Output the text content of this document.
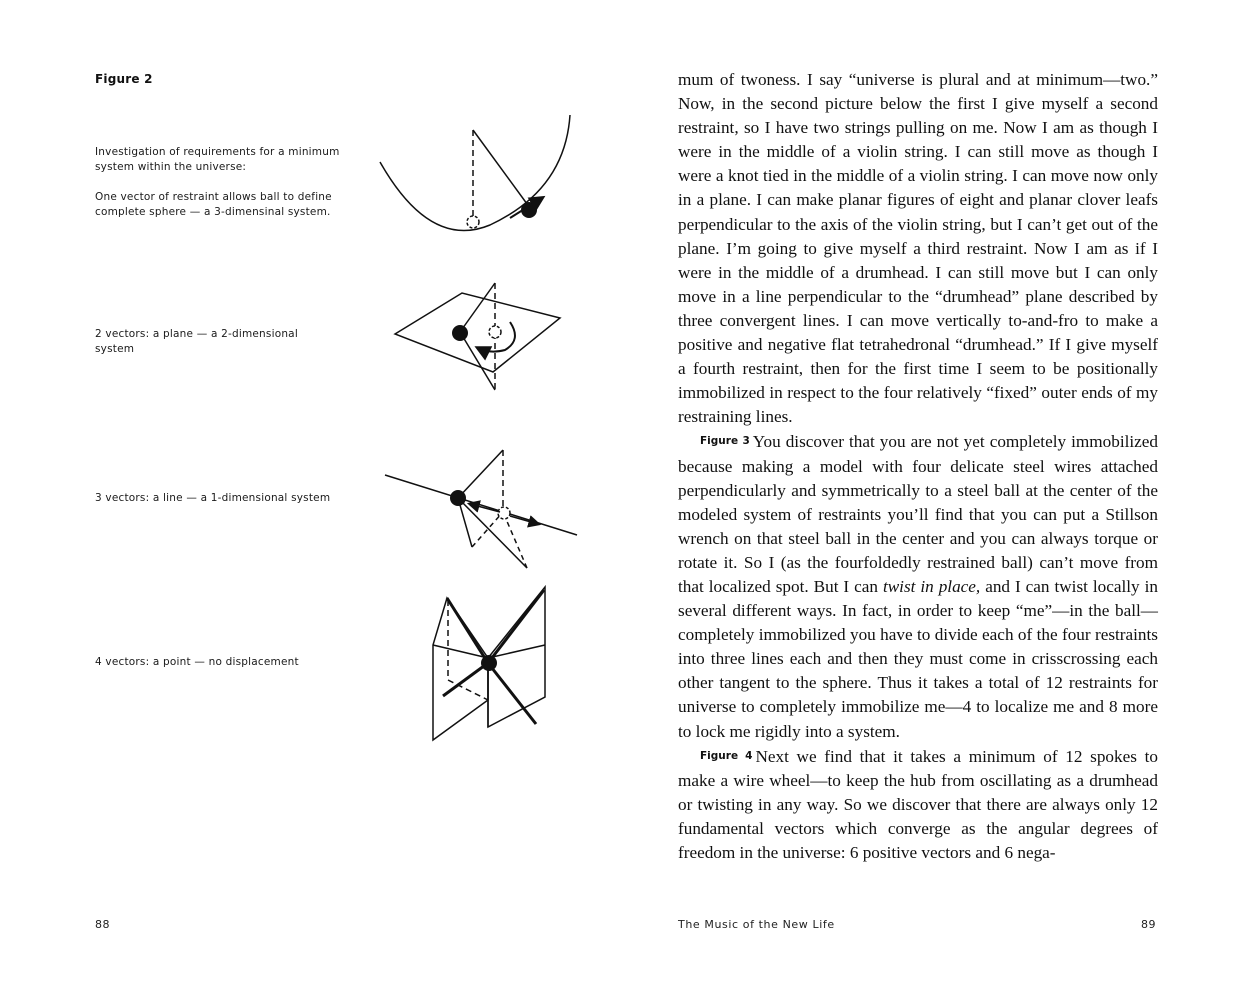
Figure 2

Investigation of requirements for a minimum system within the universe:

One vector of restraint allows ball to define complete sphere — a 3-dimensinal system.

2 vectors: a plane — a 2-dimensional system

3 vectors: a line — a 1-dimensional system

4 vectors: a point — no displacement

88

mum of twoness. I say “universe is plural and at minimum—two.” Now, in the second picture below the first I give myself a second restraint, so I have two strings pulling on me. Now I am as though I were in the middle of a violin string. I can still move as though I were a knot tied in the middle of a violin string. I can move now only in a plane. I can make planar figures of eight and planar clover leafs perpendicular to the axis of the violin string, but I can’t get out of the plane. I’m going to give myself a third restraint. Now I am as if I were in the middle of a drumhead. I can still move but I can only move in a line perpendicular to the “drumhead” plane described by three convergent lines. I can move vertically to-and-fro to make a positive and negative flat tetrahedronal “drumhead.” If I give myself a fourth restraint, then for the first time I seem to be positionally immobilized in respect to the four relatively “fixed” outer ends of my restraining lines.

Figure 3 You discover that you are not yet completely immobilized because making a model with four delicate steel wires attached perpendicularly and symmetrically to a steel ball at the center of the modeled system of restraints you’ll find that you can put a Stillson wrench on that steel ball in the center and you can always torque or rotate it. So I (as the fourfoldedly restrained ball) can’t move from that localized spot. But I can twist in place, and I can twist locally in several different ways. In fact, in order to keep “me”—in the ball—completely immobilized you have to divide each of the four restraints into three lines each and then they must come in crisscrossing each other tangent to the sphere. Thus it takes a total of 12 restraints for universe to completely immobilize me—4 to localize me and 8 more to lock me rigidly into a system.

Figure 4 Next we find that it takes a minimum of 12 spokes to make a wire wheel—to keep the hub from oscillating as a drumhead or twisting in any way. So we discover that there are always only 12 fundamental vectors which converge as the angular degrees of freedom in the universe: 6 positive vectors and 6 nega-

The Music of the New Life	89
